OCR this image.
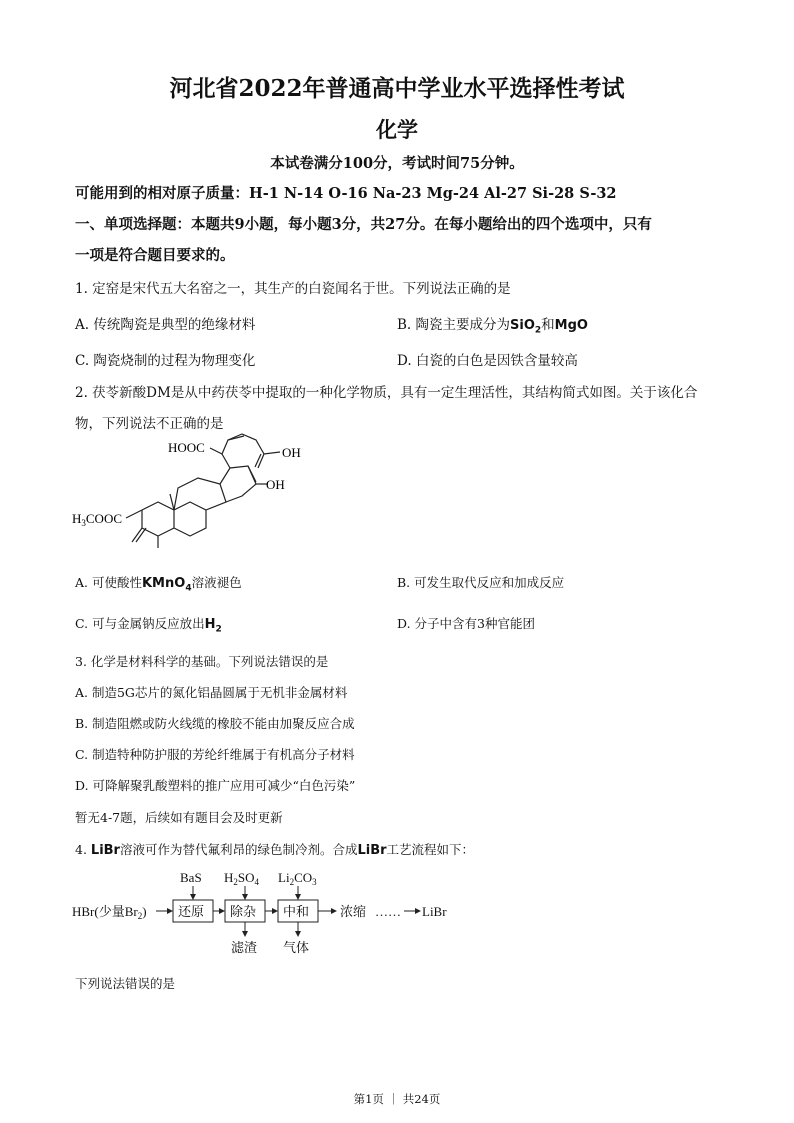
河北省2022年普通高中学业水平选择性考试
化学
本试卷满分100分，考试时间75分钟。
可能用到的相对原子质量：H-1 N-14 O-16 Na-23 Mg-24 Al-27 Si-28 S-32
一、单项选择题：本题共9小题，每小题3分，共27分。在每小题给出的四个选项中，只有
一项是符合题目要求的。
1. 定窑是宋代五大名窑之一，其生产的白瓷闻名于世。下列说法正确的是
A. 传统陶瓷是典型的绝缘材料	B. 陶瓷主要成分为SiO$_2$和MgO
C. 陶瓷烧制的过程为物理变化	D. 白瓷的白色是因铁含量较高
2. 茯苓新酸DM是从中药茯苓中提取的一种化学物质，具有一定生理活性，其结构简式如图。关于该化合
物，下列说法不正确的是
HOOC	OH
OH
$H_3COOC$
A. 可使酸性KMnO$_4$溶液褪色	B. 可发生取代反应和加成反应
C. 可与金属钠反应放出$H_2$	D. 分子中含有3种官能团
3. 化学是材料科学的基础。下列说法错误的是
A. 制造5G芯片的氮化铝晶圆属于无机非金属材料
B. 制造阻燃或防火线缆的橡胶不能由加聚反应合成
C. 制造特种防护服的芳纶纤维属于有机高分子材料
D. 可降解聚乳酸塑料的推广应用可减少“白色污染”
暂无4-7题，后续如有题目会及时更新
4. LiBr溶液可作为替代氟利昂的绿色制冷剂。合成LiBr工艺流程如下：
HBr(少量$Br_2$)
BaS $H_2SO_4$ $Li_2CO_3$
还原 除杂 中和 浓缩 …… LiBr
滤渣 气体
下列说法错误的是
第1页 ｜ 共24页
